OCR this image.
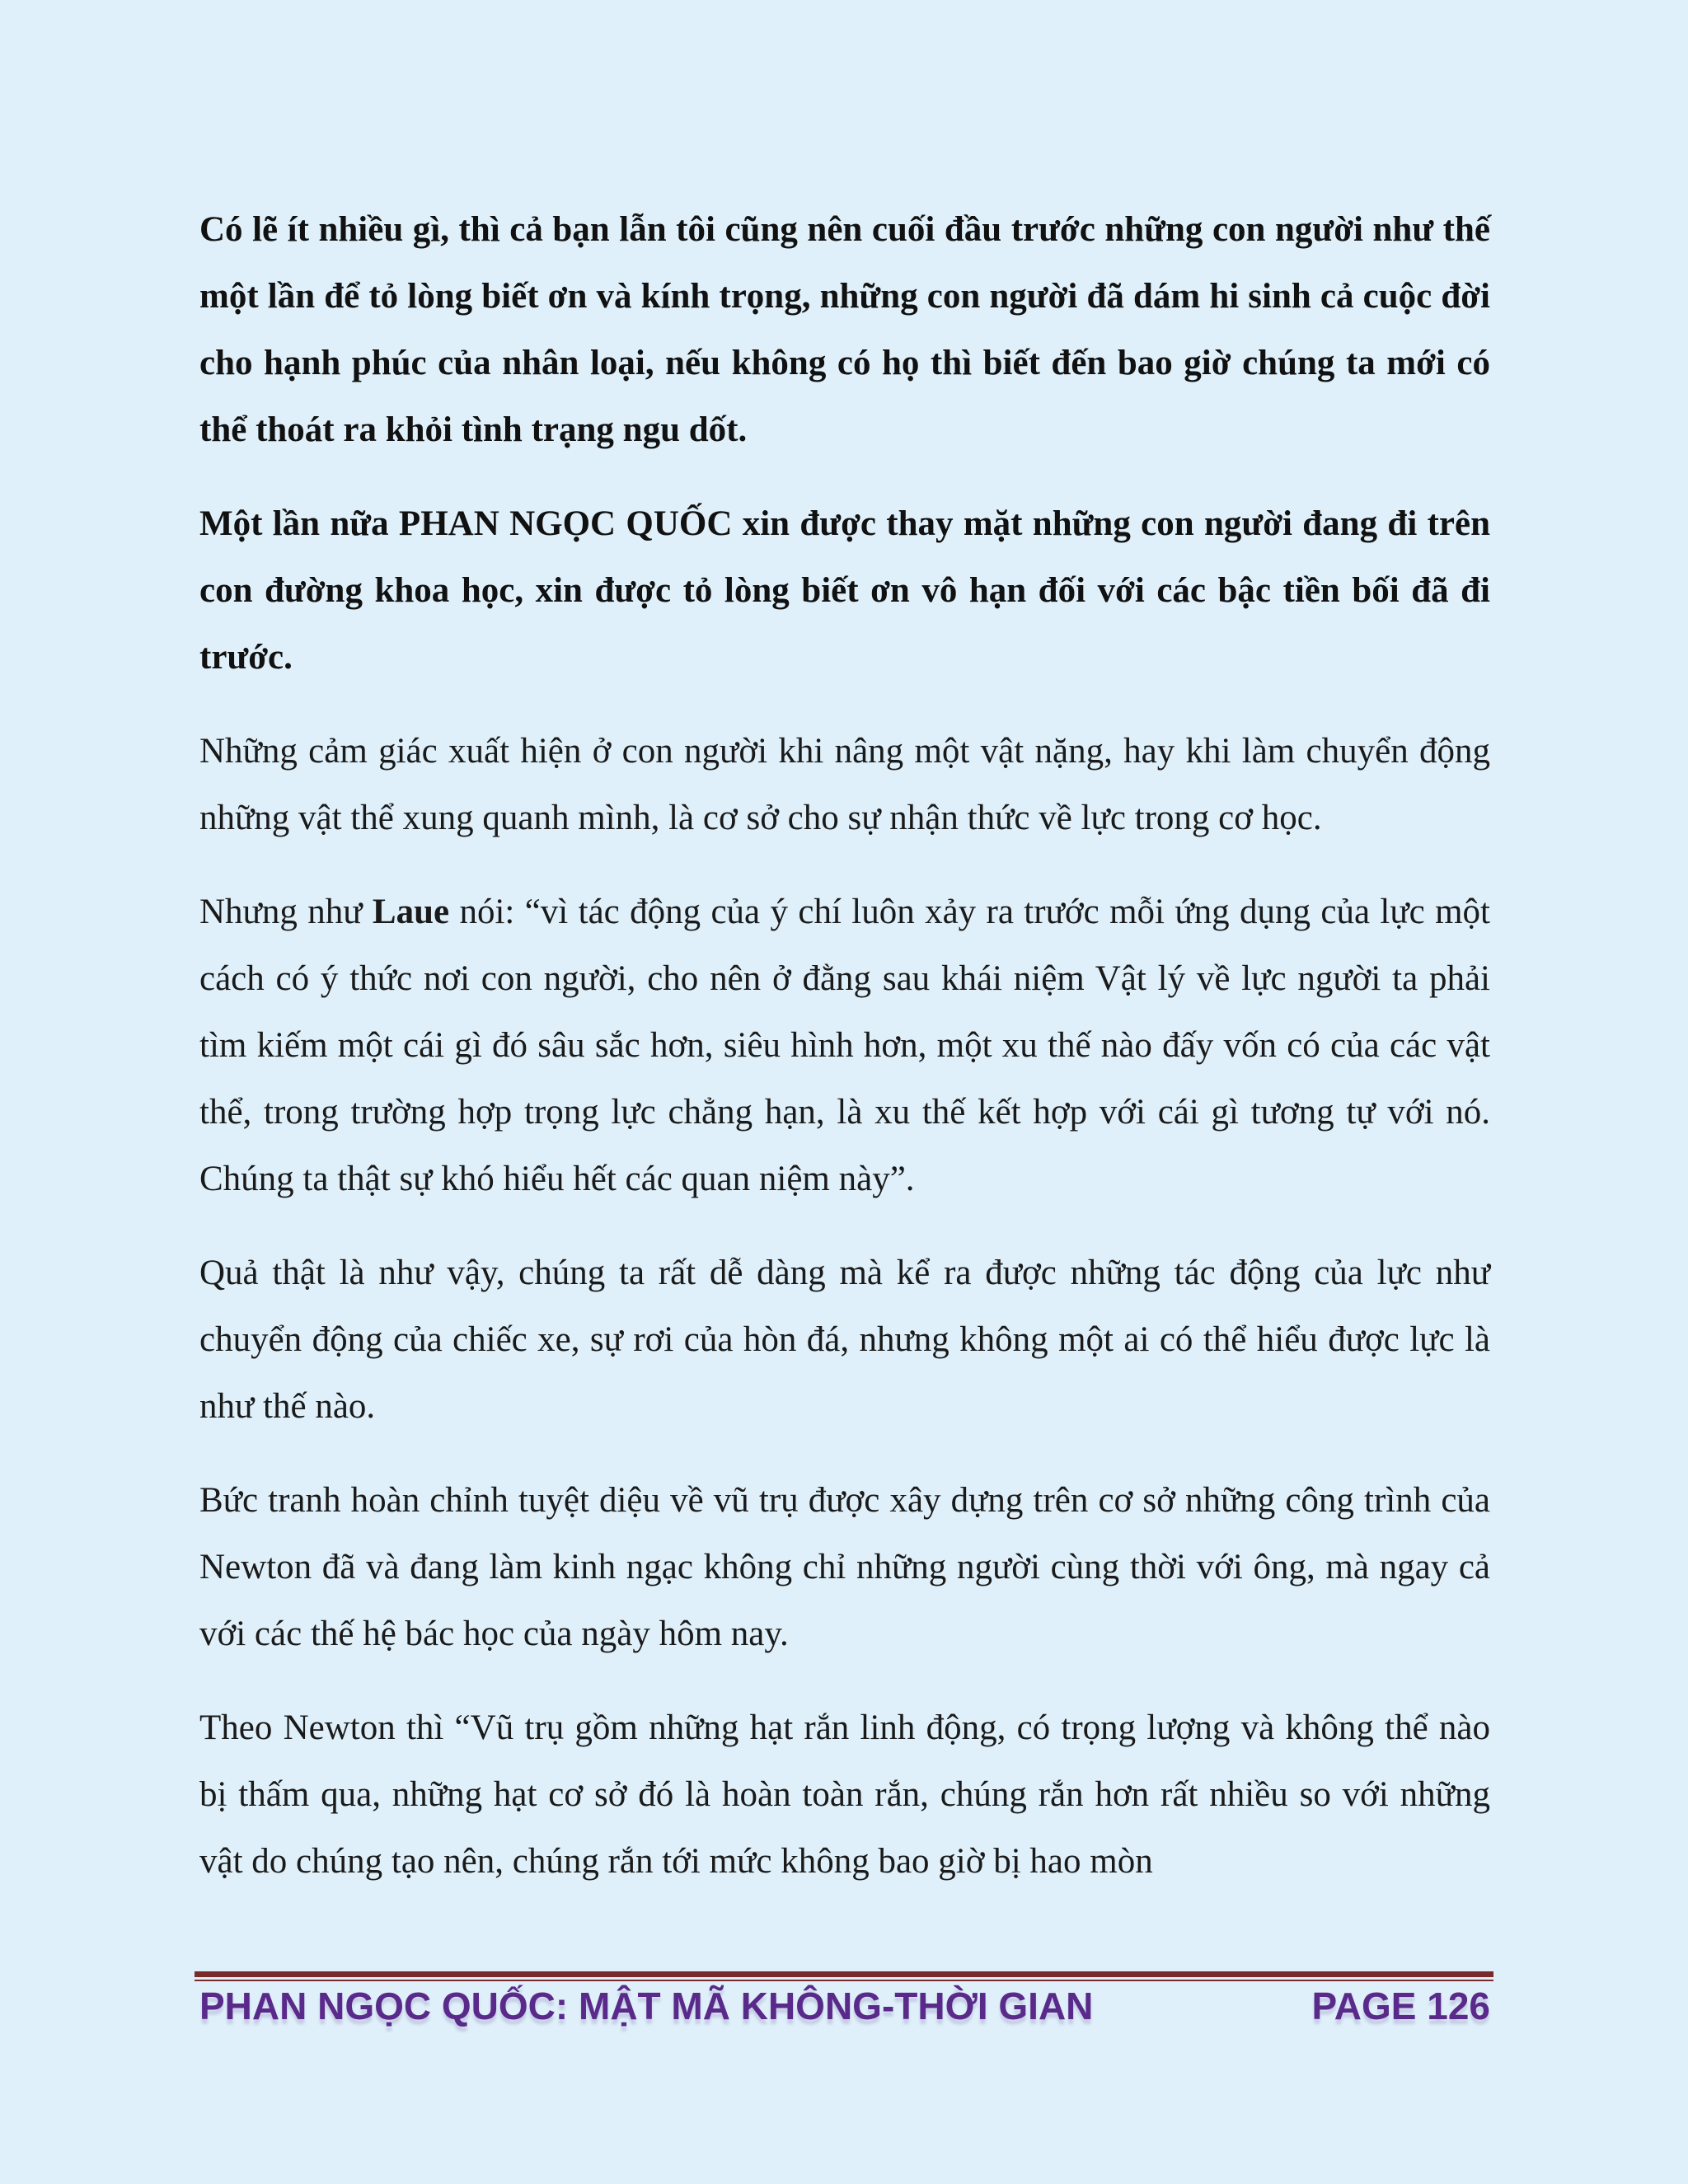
Có lẽ ít nhiều gì, thì cả bạn lẫn tôi cũng nên cuối đầu trước những con người như thế một lần để tỏ lòng biết ơn và kính trọng, những con người đã dám hi sinh cả cuộc đời cho hạnh phúc của nhân loại, nếu không có họ thì biết đến bao giờ chúng ta mới có thể thoát ra khỏi tình trạng ngu dốt.

Một lần nữa PHAN NGỌC QUỐC xin được thay mặt những con người đang đi trên con đường khoa học, xin được tỏ lòng biết ơn vô hạn đối với các bậc tiền bối đã đi trước.

Những cảm giác xuất hiện ở con người khi nâng một vật nặng, hay khi làm chuyển động những vật thể xung quanh mình, là cơ sở cho sự nhận thức về lực trong cơ học.

Nhưng như Laue nói: “vì tác động của ý chí luôn xảy ra trước mỗi ứng dụng của lực một cách có ý thức nơi con người, cho nên ở đằng sau khái niệm Vật lý về lực người ta phải tìm kiếm một cái gì đó sâu sắc hơn, siêu hình hơn, một xu thế nào đấy vốn có của các vật thể, trong trường hợp trọng lực chẳng hạn, là xu thế kết hợp với cái gì tương tự với nó. Chúng ta thật sự khó hiểu hết các quan niệm này”.

Quả thật là như vậy, chúng ta rất dễ dàng mà kể ra được những tác động của lực như chuyển động của chiếc xe, sự rơi của hòn đá, nhưng không một ai có thể hiểu được lực là như thế nào.

Bức tranh hoàn chỉnh tuyệt diệu về vũ trụ được xây dựng trên cơ sở những công trình của Newton đã và đang làm kinh ngạc không chỉ những người cùng thời với ông, mà ngay cả với các thế hệ bác học của ngày hôm nay.

Theo Newton thì “Vũ trụ gồm những hạt rắn linh động, có trọng lượng và không thể nào bị thấm qua, những hạt cơ sở đó là hoàn toàn rắn, chúng rắn hơn rất nhiều so với những vật do chúng tạo nên, chúng rắn tới mức không bao giờ bị hao mòn

PHAN NGỌC QUỐC: MẬT MÃ KHÔNG-THỜI GIAN	PAGE 126
